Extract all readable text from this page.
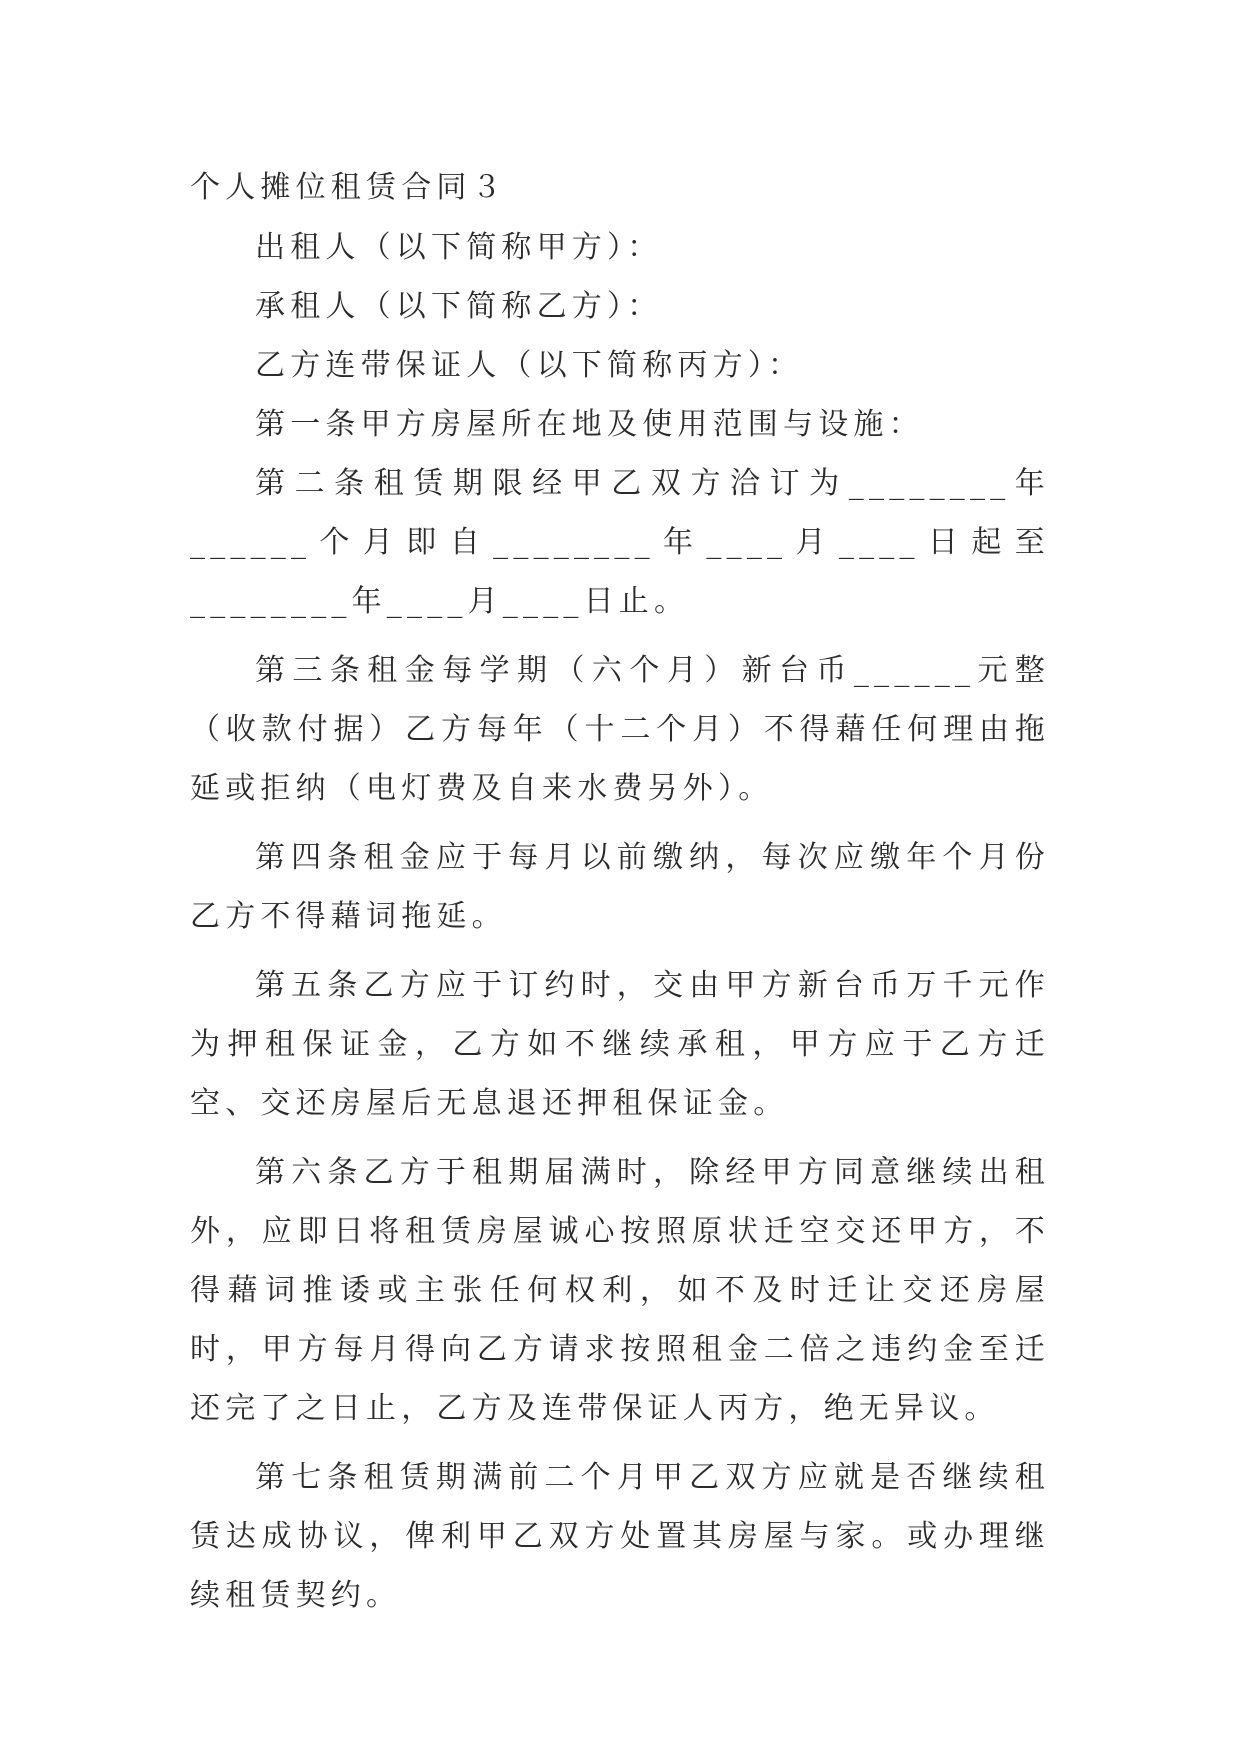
个人摊位租赁合同３

出租人（以下简称甲方）：

承租人（以下简称乙方）：

乙方连带保证人（以下简称丙方）：

第一条甲方房屋所在地及使用范围与设施：

第二条租赁期限经甲乙双方洽订为________年______个月即自________年____月____日起至________年____月____日止。

第三条租金每学期（六个月）新台币______元整（收款付据）乙方每年（十二个月）不得藉任何理由拖延或拒纳（电灯费及自来水费另外）。

第四条租金应于每月以前缴纳，每次应缴年个月份乙方不得藉词拖延。

第五条乙方应于订约时，交由甲方新台币万千元作为押租保证金，乙方如不继续承租，甲方应于乙方迁空、交还房屋后无息退还押租保证金。

第六条乙方于租期届满时，除经甲方同意继续出租外，应即日将租赁房屋诚心按照原状迁空交还甲方，不得藉词推诿或主张任何权利，如不及时迁让交还房屋时，甲方每月得向乙方请求按照租金二倍之违约金至迁还完了之日止，乙方及连带保证人丙方，绝无异议。

第七条租赁期满前二个月甲乙双方应就是否继续租赁达成协议，俾利甲乙双方处置其房屋与家。或办理继续租赁契约。
